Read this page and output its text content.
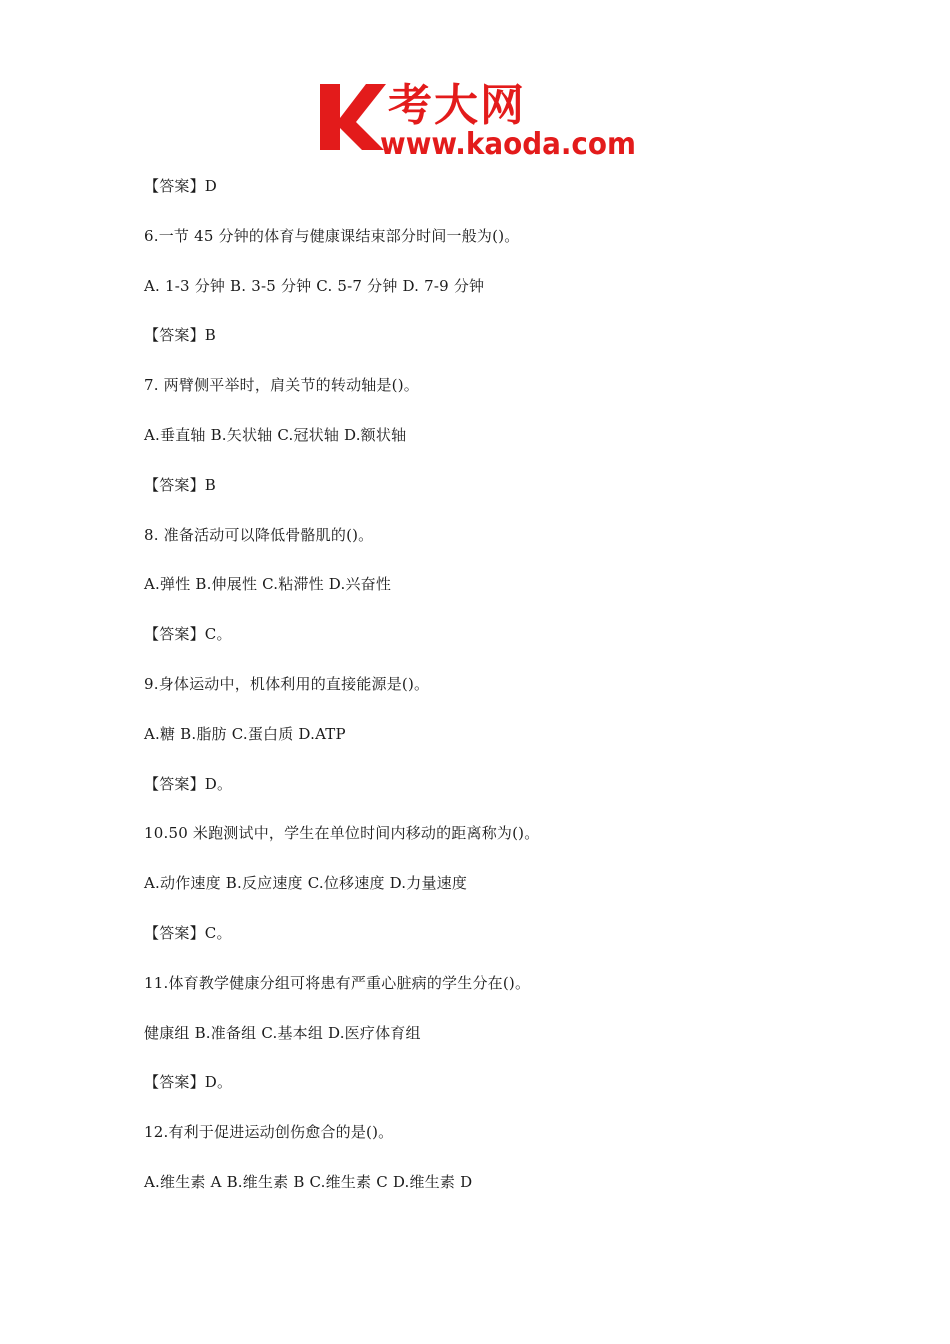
考大网
www.kaoda.com
【答案】D
6.一节 45 分钟的体育与健康课结束部分时间一般为()。
A. 1-3 分钟 B. 3-5 分钟 C. 5-7 分钟 D. 7-9 分钟
【答案】B
7. 两臂侧平举时，肩关节的转动轴是()。
A.垂直轴 B.矢状轴 C.冠状轴 D.额状轴
【答案】B
8. 准备活动可以降低骨骼肌的()。
A.弹性 B.伸展性 C.粘滞性 D.兴奋性
【答案】C。
9.身体运动中，机体利用的直接能源是()。
A.糖 B.脂肪 C.蛋白质 D.ATP
【答案】D。
10.50 米跑测试中，学生在单位时间内移动的距离称为()。
A.动作速度 B.反应速度 C.位移速度 D.力量速度
【答案】C。
11.体育教学健康分组可将患有严重心脏病的学生分在()。
健康组 B.准备组 C.基本组 D.医疗体育组
【答案】D。
12.有利于促进运动创伤愈合的是()。
A.维生素 A B.维生素 B C.维生素 C D.维生素 D
